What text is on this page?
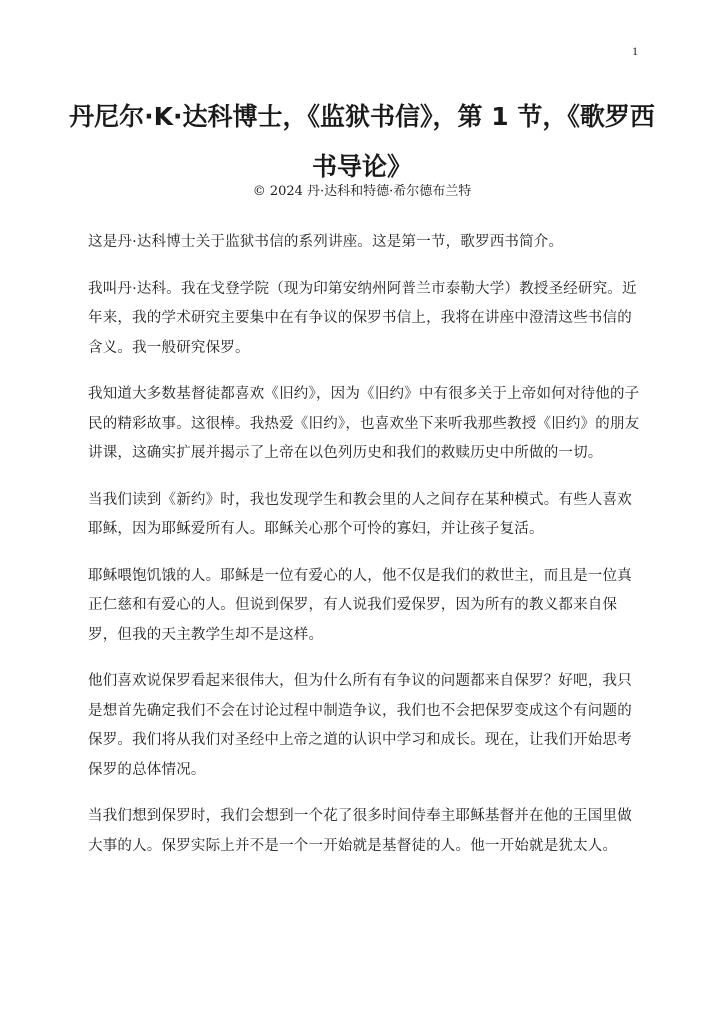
1
丹尼尔·K·达科博士，《监狱书信》，第 1 节，《歌罗西书导论》
© 2024 丹·达科和特德·希尔德布兰特

这是丹·达科博士关于监狱书信的系列讲座。这是第一节，歌罗西书简介。

我叫丹·达科。我在戈登学院（现为印第安纳州阿普兰市泰勒大学）教授圣经研究。近年来，我的学术研究主要集中在有争议的保罗书信上，我将在讲座中澄清这些书信的含义。我一般研究保罗。

我知道大多数基督徒都喜欢《旧约》，因为《旧约》中有很多关于上帝如何对待他的子民的精彩故事。这很棒。我热爱《旧约》，也喜欢坐下来听我那些教授《旧约》的朋友讲课，这确实扩展并揭示了上帝在以色列历史和我们的救赎历史中所做的一切。

当我们读到《新约》时，我也发现学生和教会里的人之间存在某种模式。有些人喜欢耶稣，因为耶稣爱所有人。耶稣关心那个可怜的寡妇，并让孩子复活。

耶稣喂饱饥饿的人。耶稣是一位有爱心的人，他不仅是我们的救世主，而且是一位真正仁慈和有爱心的人。但说到保罗，有人说我们爱保罗，因为所有的教义都来自保罗，但我的天主教学生却不是这样。

他们喜欢说保罗看起来很伟大，但为什么所有有争议的问题都来自保罗？好吧，我只是想首先确定我们不会在讨论过程中制造争议，我们也不会把保罗变成这个有问题的保罗。我们将从我们对圣经中上帝之道的认识中学习和成长。现在，让我们开始思考保罗的总体情况。

当我们想到保罗时，我们会想到一个花了很多时间侍奉主耶稣基督并在他的王国里做大事的人。保罗实际上并不是一个一开始就是基督徒的人。他一开始就是犹太人。
